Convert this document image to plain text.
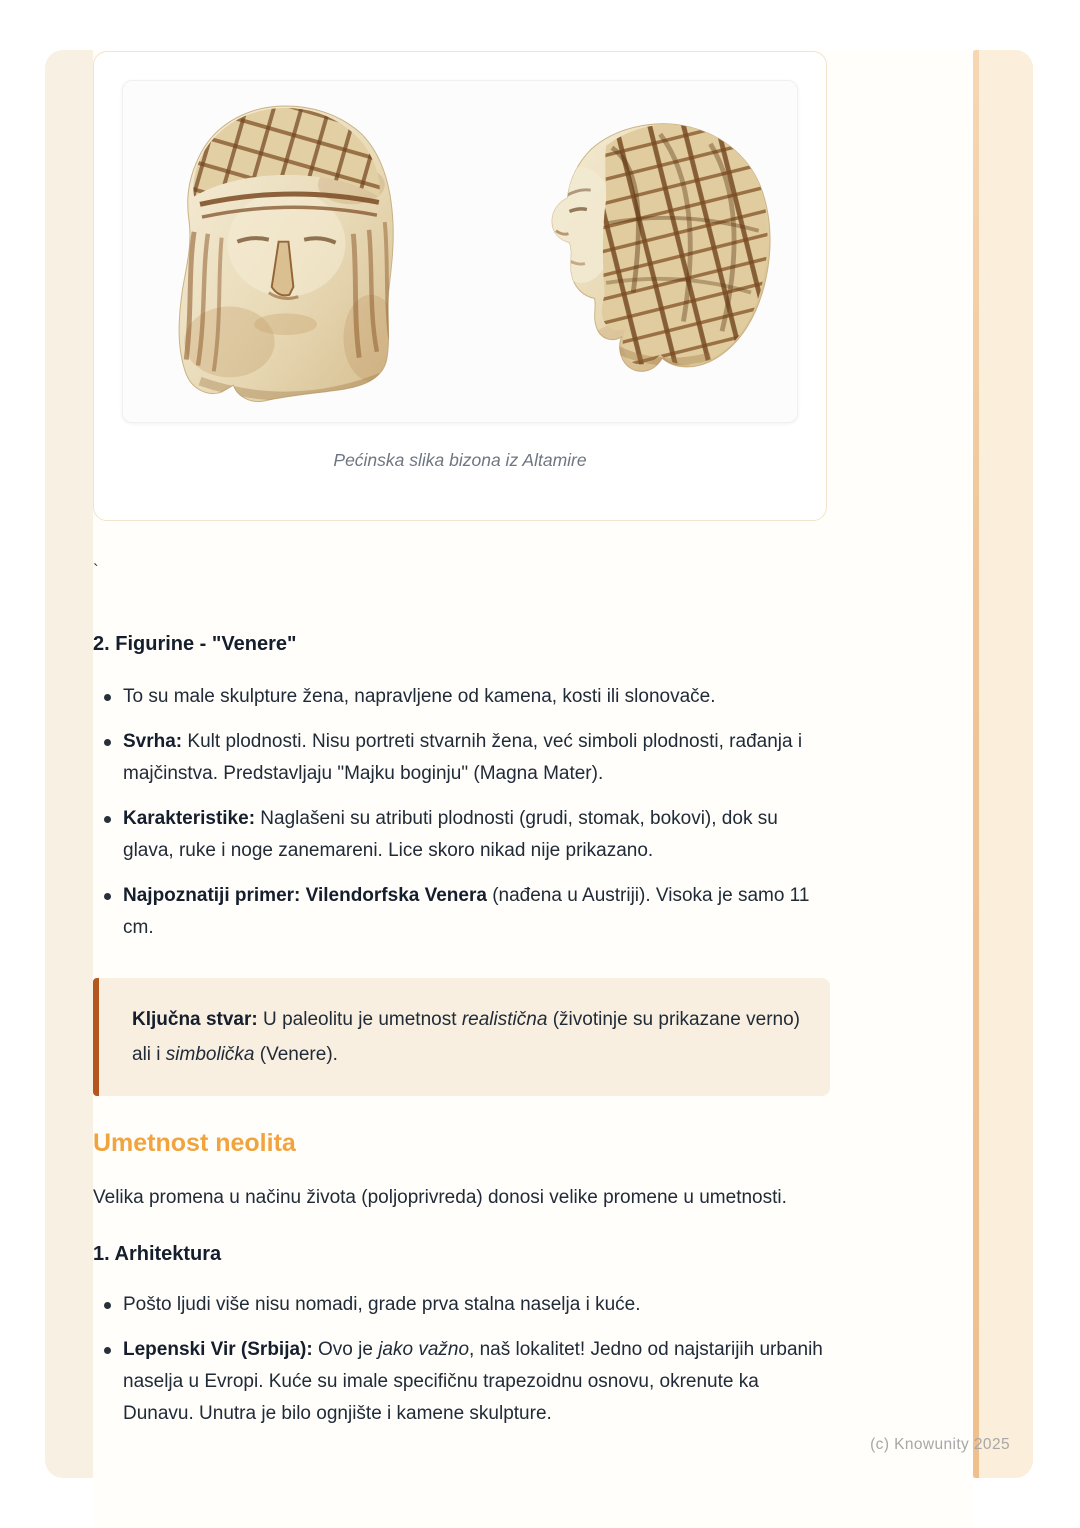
Pećinska slika bizona iz Altamire
`
2. Figurine - "Venere"
To su male skulpture žena, napravljene od kamena, kosti ili slonovače.
Svrha: Kult plodnosti. Nisu portreti stvarnih žena, već simboli plodnosti, rađanja i majčinstva. Predstavljaju "Majku boginju" (Magna Mater).
Karakteristike: Naglašeni su atributi plodnosti (grudi, stomak, bokovi), dok su glava, ruke i noge zanemareni. Lice skoro nikad nije prikazano.
Najpoznatiji primer: Vilendorfska Venera (nađena u Austriji). Visoka je samo 11 cm.
Ključna stvar: U paleolitu je umetnost realistična (životinje su prikazane verno) ali i simbolička (Venere).
Umetnost neolita

Velika promena u načinu života (poljoprivreda) donosi velike promene u umetnosti.

1. Arhitektura
Pošto ljudi više nisu nomadi, grade prva stalna naselja i kuće.
Lepenski Vir (Srbija): Ovo je jako važno, naš lokalitet! Jedno od najstarijih urbanih naselja u Evropi. Kuće su imale specifičnu trapezoidnu osnovu, okrenute ka Dunavu. Unutra je bilo ognjište i kamene skulpture.
(c) Knowunity 2025
